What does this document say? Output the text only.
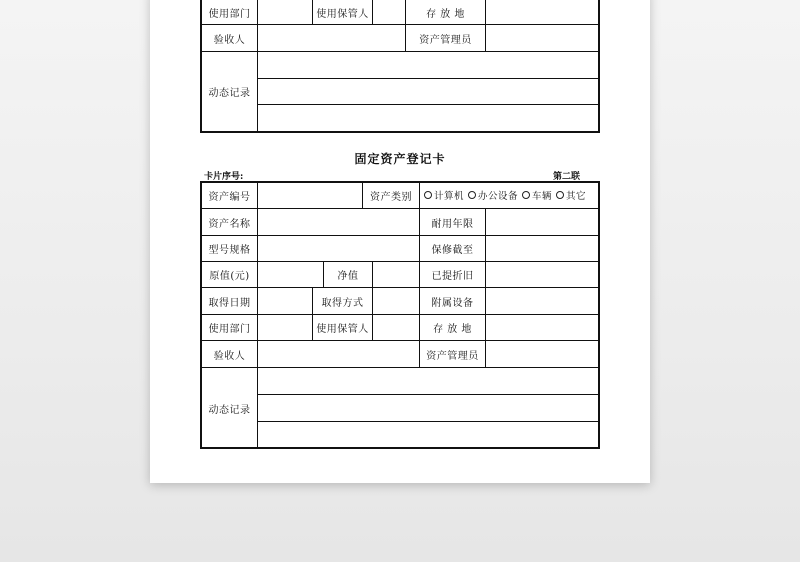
使用部门	使用保管人	存 放 地
验收人	资产管理员
动态记录
固定资产登记卡
卡片序号:	第二联
资产编号	资产类别	计算机 办公设备 车辆 其它
资产名称	耐用年限
型号规格	保修截至
原值(元)	净值	已提折旧
取得日期	取得方式	附属设备
使用部门	使用保管人	存 放 地
验收人	资产管理员
动态记录
